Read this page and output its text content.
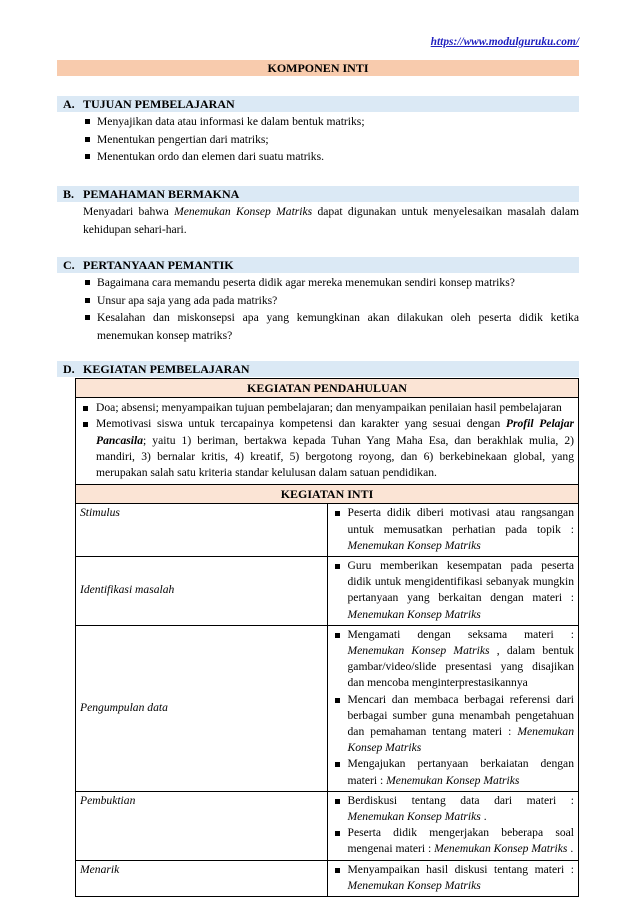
https://www.modulguruku.com/
KOMPONEN INTI
A. TUJUAN PEMBELAJARAN
Menyajikan data atau informasi ke dalam bentuk matriks;
Menentukan pengertian dari matriks;
Menentukan ordo dan elemen dari suatu matriks.
B. PEMAHAMAN BERMAKNA
Menyadari bahwa Menemukan Konsep Matriks dapat digunakan untuk menyelesaikan masalah dalam kehidupan sehari-hari.
C. PERTANYAAN PEMANTIK
Bagaimana cara memandu peserta didik agar mereka menemukan sendiri konsep matriks?
Unsur apa saja yang ada pada matriks?
Kesalahan dan miskonsepsi apa yang kemungkinan akan dilakukan oleh peserta didik ketika menemukan konsep matriks?
D. KEGIATAN PEMBELAJARAN
KEGIATAN PENDAHULUAN	

Doa; absensi; menyampaikan tujuan pembelajaran; dan menyampaikan penilaian hasil pembelajaran
Memotivasi siswa untuk tercapainya kompetensi dan karakter yang sesuai dengan Profil Pelajar Pancasila; yaitu 1) beriman, bertakwa kepada Tuhan Yang Maha Esa, dan berakhlak mulia, 2) mandiri, 3) bernalar kritis, 4) kreatif, 5) bergotong royong, dan 6) berkebinekaan global, yang merupakan salah satu kriteria standar kelulusan dalam satuan pendidikan.	

KEGIATAN INTI	
Stimulus	Peserta didik diberi motivasi atau rangsangan untuk memusatkan perhatian pada topik : Menemukan Konsep Matriks

Identifikasi masalah	Guru memberikan kesempatan pada peserta didik untuk mengidentifikasi sebanyak mungkin pertanyaan yang berkaitan dengan materi : Menemukan Konsep Matriks

Pengumpulan data	Mengamati dengan seksama materi : Menemukan Konsep Matriks , dalam bentuk gambar/video/slide presentasi yang disajikan dan mencoba menginterprestasikannya
Mencari dan membaca berbagai referensi dari berbagai sumber guna menambah pengetahuan dan pemahaman tentang materi : Menemukan Konsep Matriks
Mengajukan pertanyaan berkaiatan dengan materi : Menemukan Konsep Matriks

Pembuktian	Berdiskusi tentang data dari materi : Menemukan Konsep Matriks .
Peserta didik mengerjakan beberapa soal mengenai materi : Menemukan Konsep Matriks .

Menarik	Menyampaikan hasil diskusi tentang materi : Menemukan Konsep Matriks
